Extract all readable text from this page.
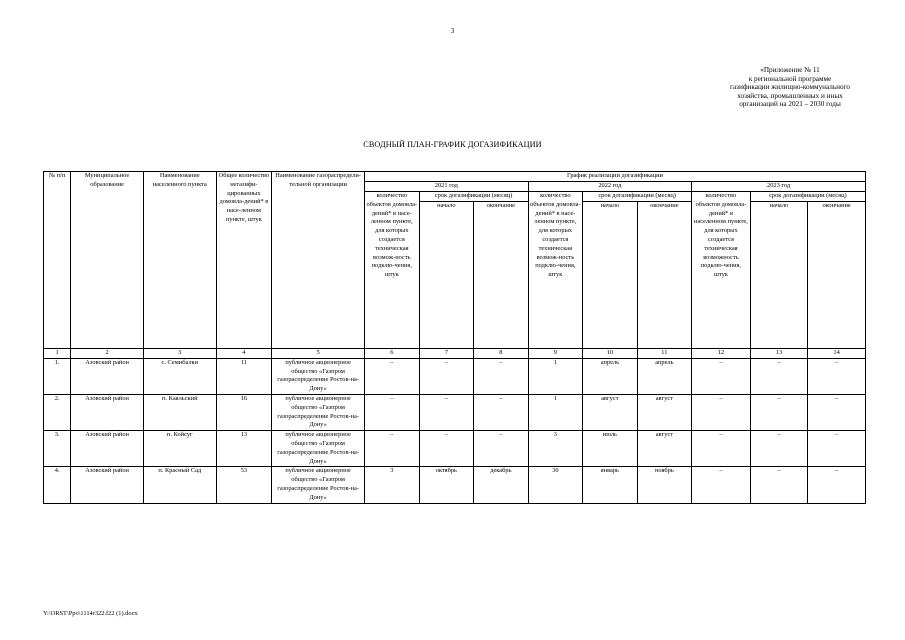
3
«Приложение № 11
к региональной программе
газификации жилищно-коммунального
хозяйства, промышленных и иных
организаций на 2021 – 2030 годы
СВОДНЫЙ ПЛАН-ГРАФИК ДОГАЗИФИКАЦИИ
№ п/п	Муниципальное образование	Наименование населенного пункта	Общее количество негазифи-цированных домовла-дений* в насе-ленном пункте, штук	Наименование газораспредели-тельной организации	График реализации догазификации								
					2021 год			2022 год			2023 год		
					количество объектов домовла-дений* в насе-ленном пункте, для которых создается техническая возмож-ность подклю-чения, штук	срок догазификации (месяц)		количество объектов домовла-дений* в насе-ленном пункте, для которых создается техническая возмож-ность подклю-чения, штук	срок догазификации (месяц)		количество объектов домовла-дений* в населенном пункте, для которых создается техническая возможность подклю-чения, штук	срок догазификации (месяц)	
						начало	окончание		начало	окончание		начало	окончание
1	2	3	4	5	6	7	8	9	10	11	12	13	14
1.	Азовский район	с. Семибалки	11	публичное акционерное общество «Газпром газораспределение Ростов-на-Дону»	–	–	–	1	апрель	апрель	–	–	–
2.	Азовский район	п. Каяльский	16	публичное акционерное общество «Газпром газораспределение Ростов-на-Дону»	–	–	–	1	август	август	–	–	–
3.	Азовский район	п. Койсуг	13	публичное акционерное общество «Газпром газораспределение Ростов-на-Дону»	–	–	–	3	июль	август	–	–	–
4.	Азовский район	п. Красный Сад	53	публичное акционерное общество «Газпром газораспределение Ростов-на-Дону»	3	октябрь	декабрь	30	январь	ноябрь	–	–	–
Y:\ORST\Ppo\1114r322.f22 (1).docx
